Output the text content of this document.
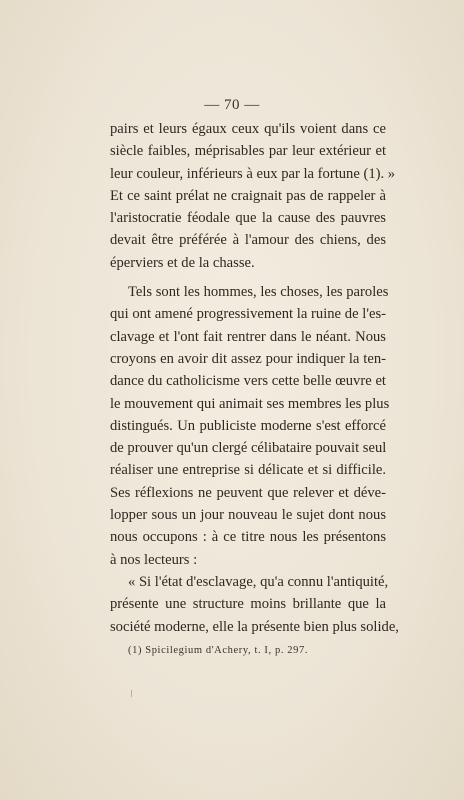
— 70 —
pairs et leurs égaux ceux qu'ils voient dans ce
siècle faibles, méprisables par leur extérieur et
leur couleur, inférieurs à eux par la fortune (1). »
Et ce saint prélat ne craignait pas de rappeler à
l'aristocratie féodale que la cause des pauvres
devait être préférée à l'amour des chiens, des
éperviers et de la chasse.
Tels sont les hommes, les choses, les paroles
qui ont amené progressivement la ruine de l'es-
clavage et l'ont fait rentrer dans le néant. Nous
croyons en avoir dit assez pour indiquer la ten-
dance du catholicisme vers cette belle œuvre et
le mouvement qui animait ses membres les plus
distingués. Un publiciste moderne s'est efforcé
de prouver qu'un clergé célibataire pouvait seul
réaliser une entreprise si délicate et si difficile.
Ses réflexions ne peuvent que relever et déve-
lopper sous un jour nouveau le sujet dont nous
nous occupons : à ce titre nous les présentons
à nos lecteurs :
« Si l'état d'esclavage, qu'a connu l'antiquité,
présente une structure moins brillante que la
société moderne, elle la présente bien plus solide,
(1) Spicilegium d'Achery, t. I, p. 297.
